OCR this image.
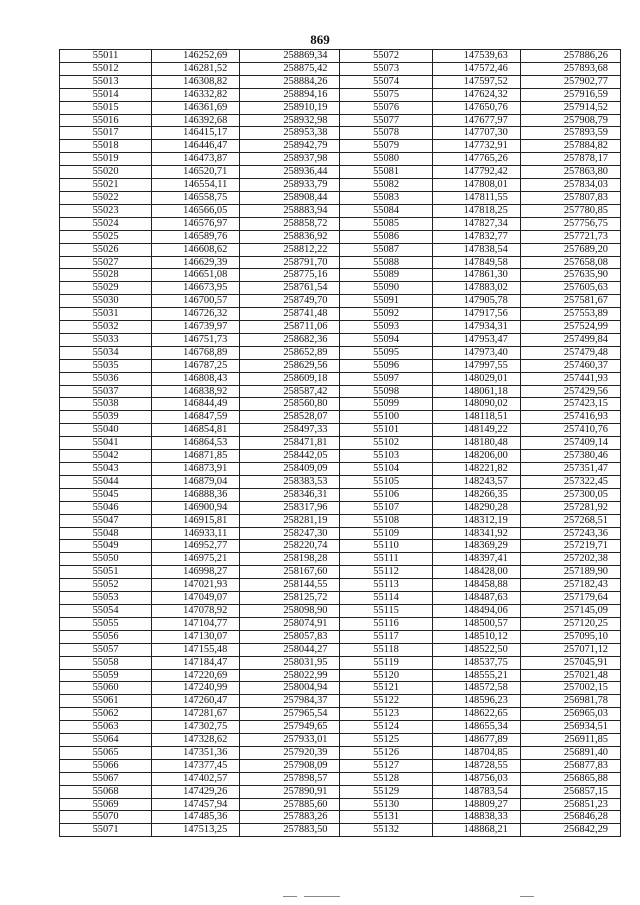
869
55011	146252,69	258869,34	55072	147539,63	257886,26
55012	146281,52	258875,42	55073	147572,46	257893,68
55013	146308,82	258884,26	55074	147597,52	257902,77
55014	146332,82	258894,16	55075	147624,32	257916,59
55015	146361,69	258910,19	55076	147650,76	257914,52
55016	146392,68	258932,98	55077	147677,97	257908,79
55017	146415,17	258953,38	55078	147707,30	257893,59
55018	146446,47	258942,79	55079	147732,91	257884,82
55019	146473,87	258937,98	55080	147765,26	257878,17
55020	146520,71	258936,44	55081	147792,42	257863,80
55021	146554,11	258933,79	55082	147808,01	257834,03
55022	146558,75	258908,44	55083	147811,55	257807,83
55023	146566,05	258883,94	55084	147818,25	257780,85
55024	146576,97	258858,72	55085	147827,34	257756,75
55025	146589,76	258836,92	55086	147832,77	257721,73
55026	146608,62	258812,22	55087	147838,54	257689,20
55027	146629,39	258791,70	55088	147849,58	257658,08
55028	146651,08	258775,16	55089	147861,30	257635,90
55029	146673,95	258761,54	55090	147883,02	257605,63
55030	146700,57	258749,70	55091	147905,78	257581,67
55031	146726,32	258741,48	55092	147917,56	257553,89
55032	146739,97	258711,06	55093	147934,31	257524,99
55033	146751,73	258682,36	55094	147953,47	257499,84
55034	146768,89	258652,89	55095	147973,40	257479,48
55035	146787,25	258629,56	55096	147997,55	257460,37
55036	146808,43	258609,18	55097	148029,01	257441,93
55037	146838,92	258587,42	55098	148061,18	257429,56
55038	146844,49	258560,80	55099	148090,02	257423,15
55039	146847,59	258528,07	55100	148118,51	257416,93
55040	146854,81	258497,33	55101	148149,22	257410,76
55041	146864,53	258471,81	55102	148180,48	257409,14
55042	146871,85	258442,05	55103	148206,00	257380,46
55043	146873,91	258409,09	55104	148221,82	257351,47
55044	146879,04	258383,53	55105	148243,57	257322,45
55045	146888,36	258346,31	55106	148266,35	257300,05
55046	146900,94	258317,96	55107	148290,28	257281,92
55047	146915,81	258281,19	55108	148312,19	257268,51
55048	146933,11	258247,30	55109	148341,92	257243,36
55049	146952,77	258220,74	55110	148369,29	257219,71
55050	146975,21	258198,28	55111	148397,41	257202,38
55051	146998,27	258167,60	55112	148428,00	257189,90
55052	147021,93	258144,55	55113	148458,88	257182,43
55053	147049,07	258125,72	55114	148487,63	257179,64
55054	147078,92	258098,90	55115	148494,06	257145,09
55055	147104,77	258074,91	55116	148500,57	257120,25
55056	147130,07	258057,83	55117	148510,12	257095,10
55057	147155,48	258044,27	55118	148522,50	257071,12
55058	147184,47	258031,95	55119	148537,75	257045,91
55059	147220,69	258022,99	55120	148555,21	257021,48
55060	147240,99	258004,94	55121	148572,58	257002,15
55061	147260,47	257984,37	55122	148596,23	256981,78
55062	147281,67	257965,54	55123	148622,65	256965,03
55063	147302,75	257949,65	55124	148655,34	256934,51
55064	147328,62	257933,01	55125	148677,89	256911,85
55065	147351,36	257920,39	55126	148704,85	256891,40
55066	147377,45	257908,09	55127	148728,55	256877,83
55067	147402,57	257898,57	55128	148756,03	256865,88
55068	147429,26	257890,91	55129	148783,54	256857,15
55069	147457,94	257885,60	55130	148809,27	256851,23
55070	147485,36	257883,26	55131	148838,33	256846,28
55071	147513,25	257883,50	55132	148868,21	256842,29
